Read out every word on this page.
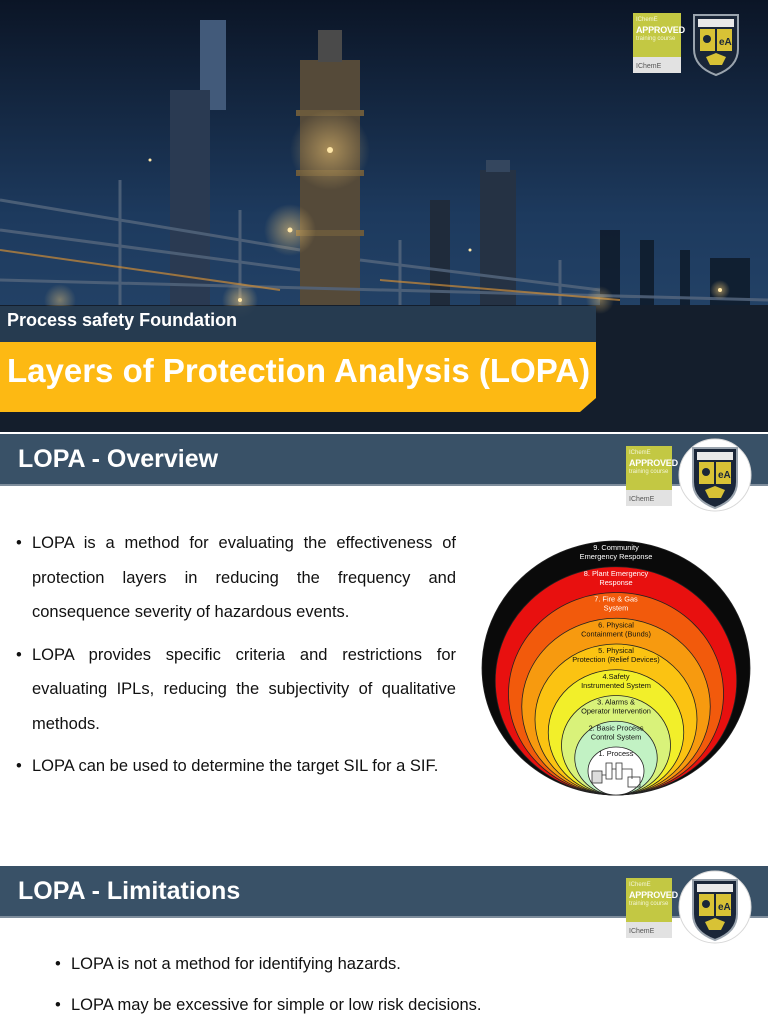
IChemE
APPROVED
training course
IChemE
eA
Process safety Foundation
Layers of Protection Analysis (LOPA)
LOPA - Overview	IChemE
APPROVED
training course
IChemE
eA
• LOPA is a method for evaluating the effectiveness of protection layers in reducing the frequency and consequence severity of hazardous events.
• LOPA provides specific criteria and restrictions for evaluating IPLs, reducing the subjectivity of qualitative methods.
• LOPA can be used to determine the target SIL for a SIF.
9. Community Emergency Response
8. Plant Emergency Response
7. Fire & Gas System
6. Physical Containment (Bunds)
5. Physical Protection (Relief Devices)
4.Safety Instrumented System
3. Alarms & Operator Intervention
2. Basic Process Control System
1. Process
LOPA - Limitations	IChemE
APPROVED
training course
IChemE
eA
• LOPA is not a method for identifying hazards.
• LOPA may be excessive for simple or low risk decisions.
